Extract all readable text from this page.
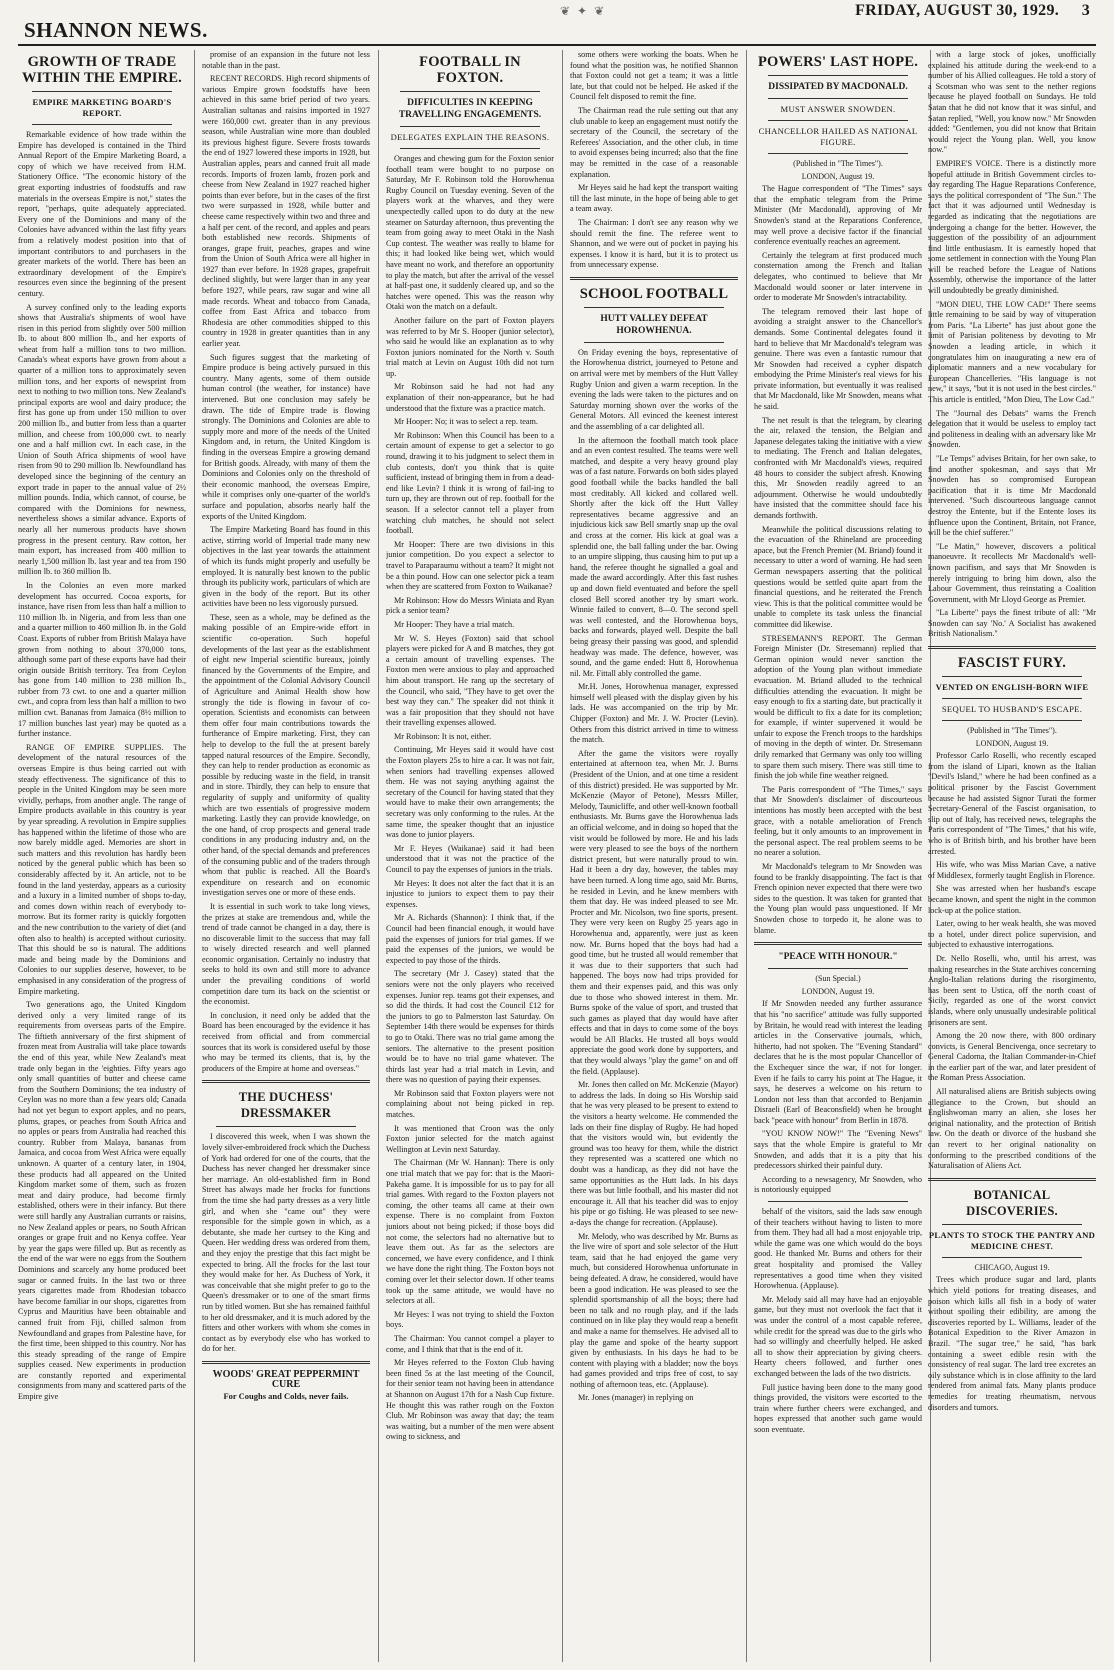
SHANNON NEWS.
❦ ✦ ❦	FRIDAY, AUGUST 30, 1929. 3
GROWTH OF TRADE WITHIN THE EMPIRE.
EMPIRE MARKETING BOARD'S REPORT.

Remarkable evidence of how trade within the Empire has developed is contained in the Third Annual Report of the Empire Marketing Board, a copy of which we have received from H.M. Stationery Office. "The economic history of the great exporting industries of foodstuffs and raw materials in the overseas Empire is not," states the report, "perhaps, quite adequately appreciated. Every one of the Dominions and many of the Colonies have advanced within the last fifty years from a relatively modest position into that of important contributors to and purchasers in the greater markets of the world. There has been an extraordinary development of the Empire's resources even since the beginning of the present century.

A survey confined only to the leading exports shows that Australia's shipments of wool have risen in this period from slightly over 500 million lb. to about 800 million lb., and her exports of wheat from half a million tons to two million. Canada's wheat exports have grown from about a quarter of a million tons to approximately seven million tons, and her exports of newsprint from next to nothing to two million tons. New Zealand's principal exports are wool and dairy produce; the first has gone up from under 150 million to over 200 million lb., and butter from less than a quarter million, and cheese from 100,000 cwt. to nearly one and a half million cwt. In each case, in the Union of South Africa shipments of wool have risen from 90 to 290 million lb. Newfoundland has developed since the beginning of the century an export trade in paper to the annual value of 2½ million pounds. India, which cannot, of course, be compared with the Dominions for newness, nevertheless shows a similar advance. Exports of nearly all her numerous products have shown progress in the present century. Raw cotton, her main export, has increased from 400 million to nearly 1,500 million lb. last year and tea from 190 million lb. to 360 million lb.

In the Colonies an even more marked development has occurred. Cocoa exports, for instance, have risen from less than half a million to 110 million lb. in Nigeria, and from less than one and a quarter million to 460 million lb. in the Gold Coast. Exports of rubber from British Malaya have grown from nothing to about 370,000 tons, although some part of these exports have had their origin outside British territory. Tea from Ceylon has gone from 140 million to 238 million lb., rubber from 73 cwt. to one and a quarter million cwt., and copra from less than half a million to two million cwt. Bananas from Jamaica (8½ million to 17 million bunches last year) may be quoted as a further instance.

RANGE OF EMPIRE SUPPLIES. The development of the natural resources of the overseas Empire is thus being carried out with steady effectiveness. The significance of this to people in the United Kingdom may be seen more vividly, perhaps, from another angle. The range of Empire products available in this country is year by year spreading. A revolution in Empire supplies has happened within the lifetime of those who are now barely middle aged. Memories are short in such matters and this revolution has hardly been noticed by the general public which has been so considerably affected by it. An article, not to be found in the land yesterday, appears as a curiosity and a luxury in a limited number of shops to-day, and comes down within reach of everybody to-morrow. But its former rarity is quickly forgotten and the new contribution to the variety of diet (and often also to health) is accepted without curiosity. That this should be so is natural. The additions made and being made by the Dominions and Colonies to our supplies deserve, however, to be emphasised in any consideration of the progress of Empire marketing.

Two generations ago, the United Kingdom derived only a very limited range of its requirements from overseas parts of the Empire. The fiftieth anniversary of the first shipment of frozen meat from Australia will take place towards the end of this year, while New Zealand's meat trade only began in the 'eighties. Fifty years ago only small quantities of butter and cheese came from the Southern Dominions; the tea industry of Ceylon was no more than a few years old; Canada had not yet begun to export apples, and no pears, plums, grapes, or peaches from South Africa and no apples or pears from Australia had reached this country. Rubber from Malaya, bananas from Jamaica, and cocoa from West Africa were equally unknown. A quarter of a century later, in 1904, these products had all appeared on the United Kingdom market some of them, such as frozen meat and dairy produce, had become firmly established, others were in their infancy. But there were still hardly any Australian currants or raisins, no New Zealand apples or pears, no South African oranges or grape fruit and no Kenya coffee. Year by year the gaps were filled up. But as recently as the end of the war were no eggs from the Southern Dominions and scarcely any home produced beet sugar or canned fruits. In the last two or three years cigarettes made from Rhodesian tobacco have become familiar in our shops, cigarettes from Cyprus and Mauritius have been obtainable and canned fruit from Fiji, chilled salmon from Newfoundland and grapes from Palestine have, for the first time, been shipped to this country. Nor has this steady spreading of the range of Empire supplies ceased. New experiments in production are constantly reported and experimental consignments from many and scattered parts of the Empire give

promise of an expansion in the future not less notable than in the past.

RECENT RECORDS. High record shipments of various Empire grown foodstuffs have been achieved in this same brief period of two years. Australian sultanas and raisins imported in 1927 were 160,000 cwt. greater than in any previous season, while Australian wine more than doubled its previous highest figure. Severe frosts towards the end of 1927 lowered these imports in 1928, but Australian apples, pears and canned fruit all made records. Imports of frozen lamb, frozen pork and cheese from New Zealand in 1927 reached higher points than ever before, but in the cases of the first two were surpassed in 1928, while butter and cheese came respectively within two and three and a half per cent. of the record, and apples and pears both established new records. Shipments of oranges, grape fruit, peaches, grapes and wine from the Union of South Africa were all higher in 1927 than ever before. In 1928 grapes, grapefruit declined slightly, but were larger than in any year before 1927, while pears, raw sugar and wine all made records. Wheat and tobacco from Canada, coffee from East Africa and tobacco from Rhodesia are other commodities shipped to this country in 1928 in greater quantities than in any earlier year.

Such figures suggest that the marketing of Empire produce is being actively pursued in this country. Many agents, some of them outside human control (the weather, for instance) have intervened. But one conclusion may safely be drawn. The tide of Empire trade is flowing strongly. The Dominions and Colonies are able to supply more and more of the needs of the United Kingdom and, in return, the United Kingdom is finding in the overseas Empire a growing demand for British goods. Already, with many of them the Dominions and Colonies only on the threshold of their economic manhood, the overseas Empire, while it comprises only one-quarter of the world's surface and population, absorbs nearly half the exports of the United Kingdom.

The Empire Marketing Board has found in this active, stirring world of Imperial trade many new objectives in the last year towards the attainment of which its funds might properly and usefully be employed. It is naturally best known to the public through its publicity work, particulars of which are given in the body of the report. But its other activities have been no less vigorously pursued.

These, seen as a whole, may be defined as the making possible of an Empire-wide effort in scientific co-operation. Such hopeful developments of the last year as the establishment of eight new Imperial scientific bureaux, jointly financed by the Governments of the Empire, and the appointment of the Colonial Advisory Council of Agriculture and Animal Health show how strongly the tide is flowing in favour of co-operation. Scientists and economists can between them offer four main contributions towards the furtherance of Empire marketing. First, they can help to develop to the full the at present barely tapped natural resources of the Empire. Secondly, they can help to render production as economic as possible by reducing waste in the field, in transit and in store. Thirdly, they can help to ensure that regularity of supply and uniformity of quality which are two essentials of progressive modern marketing. Lastly they can provide knowledge, on the one hand, of crop prospects and general trade conditions in any producing industry and, on the other hand, of the special demands and preferences of the consuming public and of the traders through whom that public is reached. All the Board's expenditure on research and on economic investigation serves one or more of these ends.

It is essential in such work to take long views, the prizes at stake are tremendous and, while the trend of trade cannot be changed in a day, there is no discoverable limit to the success that may fall to wisely directed research and well planned economic organisation. Certainly no industry that seeks to hold its own and still more to advance under the prevailing conditions of world competition dare turn its back on the scientist or the economist.

In conclusion, it need only be added that the Board has been encouraged by the evidence it has received from official and from commercial sources that its work is considered useful by those who may be termed its clients, that is, by the producers of the Empire at home and overseas."

THE DUCHESS' DRESSMAKER

I discovered this week, when I was shown the lovely silver-embroidered frock which the Duchess of York had ordered for one of the courts, that the Duchess has never changed her dressmaker since her marriage. An old-established firm in Bond Street has always made her frocks for functions from the time she had party dresses as a very little girl, and when she "came out" they were responsible for the simple gown in which, as a debutante, she made her curtsey to the King and Queen. Her wedding dress was ordered from them, and they enjoy the prestige that this fact might be expected to bring. All the frocks for the last tour they would make for her. As Duchess of York, it was conceivable that she might prefer to go to the Queen's dressmaker or to one of the smart firms run by titled women. But she has remained faithful to her old dressmaker, and it is much adored by the fitters and other workers with whom she comes in contact as by everybody else who has worked to do for her.

WOODS' GREAT PEPPERMINT CURE
For Coughs and Colds, never fails.
FOOTBALL IN FOXTON.
DIFFICULTIES IN KEEPING TRAVELLING ENGAGEMENTS.
DELEGATES EXPLAIN THE REASONS.

Oranges and chewing gum for the Foxton senior football team were bought to no purpose on Saturday, Mr F. Robinson told the Horowhenua Rugby Council on Tuesday evening. Seven of the players work at the wharves, and they were unexpectedly called upon to do duty at the new steamer on Saturday afternoon, thus preventing the team from going away to meet Otaki in the Nash Cup contest. The weather was really to blame for this; it had looked like being wet, which would have meant no work, and therefore an opportunity to play the match, but after the arrival of the vessel at half-past one, it suddenly cleared up, and so the hatches were opened. This was the reason why Otaki won the match on a default.

Another failure on the part of Foxton players was referred to by Mr S. Hooper (junior selector), who said he would like an explanation as to why Foxton juniors nominated for the North v. South trial match at Levin on August 10th did not turn up.

Mr Robinson said he had not had any explanation of their non-appearance, but he had understood that the fixture was a practice match.

Mr Hooper: No; it was to select a rep. team.

Mr Robinson: When this Council has been to a certain amount of expense to get a selector to go round, drawing it to his judgment to select them in club contests, don't you think that is quite sufficient, instead of bringing them in from a dead-end like Levin? I think it is wrong of fail-ing to turn up, they are thrown out of rep. football for the season. If a selector cannot tell a player from watching club matches, he should not select football.

Mr Hooper: There are two divisions in this junior competition. Do you expect a selector to travel to Paraparaumu without a team? It might not be a thin pound. How can one selector pick a team when they are scattered from Foxton to Waikanae?

Mr Robinson: How do Messrs Winiata and Ryan pick a senior team?

Mr Hooper: They have a trial match.

Mr W. S. Heyes (Foxton) said that school players were picked for A and B matches, they got a certain amount of travelling expenses. The Foxton men were anxious to play and approached him about transport. He rang up the secretary of the Council, who said, "They have to get over the best way they can." The speaker did not think it was a fair proposition that they should not have their travelling expenses allowed.

Mr Robinson: It is not, either.

Continuing, Mr Heyes said it would have cost the Foxton players 25s to hire a car. It was not fair, when seniors had travelling expenses allowed them. He was not saying anything against the secretary of the Council for having stated that they would have to make their own arrangements; the secretary was only conforming to the rules. At the same time, the speaker thought that an injustice was done to junior players.

Mr F. Heyes (Waikanae) said it had been understood that it was not the practice of the Council to pay the expenses of juniors in the trials.

Mr Heyes: It does not alter the fact that it is an injustice to juniors to expect them to pay their expenses.

Mr A. Richards (Shannon): I think that, if the Council had been financial enough, it would have paid the expenses of juniors for trial games. If we paid the expenses of the juniors, we would be expected to pay those of the thirds.

The secretary (Mr J. Casey) stated that the seniors were not the only players who received expenses. Junior rep. teams got their expenses, and so did the thirds. It had cost the Council £12 for the juniors to go to Palmerston last Saturday. On September 14th there would be expenses for thirds to go to Otaki. There was no trial game among the seniors. The alternative to the present position would be to have no trial game whatever. The thirds last year had a trial match in Levin, and there was no question of paying their expenses.

Mr Robinson said that Foxton players were not complaining about not being picked in rep. matches.

It was mentioned that Croon was the only Foxton junior selected for the match against Wellington at Levin next Saturday.

The Chairman (Mr W. Hannan): There is only one trial match that we pay for: that is the Maori-Pakeha game. It is impossible for us to pay for all trial games. With regard to the Foxton players not coming, the other teams all came at their own expense. There is no complaint from Foxton juniors about not being picked; if those boys did not come, the selectors had no alternative but to leave them out. As far as the selectors are concerned, we have every confidence, and I think we have done the right thing. The Foxton boys not coming over let their selector down. If other teams took up the same attitude, we would have no selectors at all.

Mr Heyes: I was not trying to shield the Foxton boys.

The Chairman: You cannot compel a player to come, and I think that that is the end of it.

Mr Heyes referred to the Foxton Club having been fined 5s at the last meeting of the Council, for their senior team not having been in attendance at Shannon on August 17th for a Nash Cup fixture. He thought this was rather rough on the Foxton Club. Mr Robinson was away that day; the team was waiting, but a number of the men were absent owing to sickness, and

some others were working the boats. When he found what the position was, he notified Shannon that Foxton could not get a team; it was a little late, but that could not be helped. He asked if the Council felt disposed to remit the fine.

The Chairman read the rule setting out that any club unable to keep an engagement must notify the secretary of the Council, the secretary of the Referees' Association, and the other club, in time to avoid expenses being incurred; also that the fine may be remitted in the case of a reasonable explanation.

Mr Heyes said he had kept the transport waiting till the last minute, in the hope of being able to get a team away.

The Chairman: I don't see any reason why we should remit the fine. The referee went to Shannon, and we were out of pocket in paying his expenses. I know it is hard, but it is to protect us from unnecessary expense.

SCHOOL FOOTBALL
HUTT VALLEY DEFEAT HOROWHENUA.

On Friday evening the boys, representative of the Horowhenua district, journeyed to Petone and on arrival were met by members of the Hutt Valley Rugby Union and given a warm reception. In the evening the lads were taken to the pictures and on Saturday morning shown over the works of the General Motors. All evinced the keenest interest and the assembling of a car delighted all.

In the afternoon the football match took place and an even contest resulted. The teams were well matched, and despite a very heavy ground play was of a fast nature. Forwards on both sides played good football while the backs handled the ball most creditably. All kicked and collared well. Shortly after the kick off the Hutt Valley representatives became aggressive and an injudicious kick saw Bell smartly snap up the oval and cross at the corner. His kick at goal was a splendid one, the ball falling under the bar. Owing to an umpire slipping, thus causing him to put up a hand, the referee thought he signalled a goal and made the award accordingly. After this fast rushes up and down field eventuated and before the spell closed Bell scored another try by smart work. Winnie failed to convert, 8—0. The second spell was well contested, and the Horowhenua boys, backs and forwards, played well. Despite the ball being greasy their passing was good, and splendid headway was made. The defence, however, was sound, and the game ended: Hutt 8, Horowhenua nil. Mr. Fittall ably controlled the game.

Mr.H. Jones, Horowhenua manager, expressed himself well pleased with the display given by his lads. He was accompanied on the trip by Mr. Chipper (Foxton) and Mr. J. W. Procter (Levin). Others from this district arrived in time to witness the match.

After the game the visitors were royally entertained at afternoon tea, when Mr. J. Burns (President of the Union, and at one time a resident of this district) presided. He was supported by Mr. McKenzie (Mayor of Petone), Messrs Miller, Melody, Taunicliffe, and other well-known football enthusiasts. Mr. Burns gave the Horowhenua lads an official welcome, and in doing so hoped that the visit would be followed by more. He and his lads were very pleased to see the boys of the northern district present, but were naturally proud to win. Had it been a dry day, however, the tables may have been turned. A long time ago, said Mr. Burns, he resided in Levin, and he knew members with them that day. He was indeed pleased to see Mr. Procter and Mr. Nicolson, two fine sports, present. They were very keen on Rugby 25 years ago in Horowhenua and, apparently, were just as keen now. Mr. Burns hoped that the boys had had a good time, but he trusted all would remember that it was due to their supporters that such had happened. The boys now had trips provided for them and their expenses paid, and this was only due to those who showed interest in them. Mr. Burns spoke of the value of sport, and trusted that such games as played that day would have after effects and that in days to come some of the boys would be All Blacks. He trusted all boys would appreciate the good work done by supporters, and that they would always "play the game" on and off the field. (Applause).

Mr. Jones then called on Mr. McKenzie (Mayor) to address the lads. In doing so His Worship said that he was very pleased to be present to extend to the visitors a hearty welcome. He commended the lads on their fine display of Rugby. He had hoped that the visitors would win, but evidently the ground was too heavy for them, while the district they represented was a scattered one which no doubt was a handicap, as they did not have the same opportunities as the Hutt lads. In his days there was but little football, and his master did not encourage it. All that his teacher did was to enjoy his pipe or go fishing. He was pleased to see new-a-days the change for recreation. (Applause).

Mr. Melody, who was described by Mr. Burns as the live wire of sport and sole selector of the Hutt team, said that he had enjoyed the game very much, but considered Horowhenua unfortunate in being defeated. A draw, he considered, would have been a good indication. He was pleased to see the splendid sportsmanship of all the boys; there had been no talk and no rough play, and if the lads continued on in like play they would reap a benefit and make a name for themselves. He advised all to play the game and spoke of the hearty support given by enthusiasts. In his days he had to be content with playing with a bladder; now the boys had games provided and trips free of cost, to say nothing of afternoon teas, etc. (Applause).

Mr. Jones (manager) in replying on

POWERS' LAST HOPE.
DISSIPATED BY MACDONALD.
MUST ANSWER SNOWDEN.
CHANCELLOR HAILED AS NATIONAL FIGURE.
(Published in "The Times").
LONDON, August 19.

The Hague correspondent of "The Times" says that the emphatic telegram from the Prime Minister (Mr Macdonald), approving of Mr Snowden's stand at the Reparations Conference, may well prove a decisive factor if the financial conference eventually reaches an agreement.

Certainly the telegram at first produced much consternation among the French and Italian delegates, who continued to believe that Mr Macdonald would sooner or later intervene in order to moderate Mr Snowden's intractability.

The telegram removed their last hope of avoiding a straight answer to the Chancellor's demands. Some Continental delegates found it hard to believe that Mr Macdonald's telegram was genuine. There was even a fantastic rumour that Mr Snowden had received a cypher dispatch embodying the Prime Minister's real views for his private information, but eventually it was realised that Mr Macdonald, like Mr Snowden, means what he said.

The net result is that the telegram, by clearing the air, relaxed the tension, the Belgian and Japanese delegates taking the initiative with a view to mediating. The French and Italian delegates, confronted with Mr Macdonald's views, required 48 hours to consider the subject afresh. Knowing this, Mr Snowden readily agreed to an adjournment. Otherwise he would undoubtedly have insisted that the committee should face his demands forthwith.

Meanwhile the political discussions relating to the evacuation of the Rhineland are proceeding apace, but the French Premier (M. Briand) found it necessary to utter a word of warning. He had seen German newspapers asserting that the political questions would be settled quite apart from the financial questions, and he reiterated the French view. This is that the political committee would be unable to complete its task unless the financial committee did likewise.

STRESEMANN'S REPORT. The German Foreign Minister (Dr. Stresemann) replied that German opinion would never sanction the adoption of the Young plan without immediate evacuation. M. Briand alluded to the technical difficulties attending the evacuation. It might be easy enough to fix a starting date, but practically it would be difficult to fix a date for its completion; for example, if winter supervened it would be unfair to expose the French troops to the hardships of moving in the depth of winter. Dr. Stresemann drily remarked that Germany was only too willing to spare them such misery. There was still time to finish the job while fine weather reigned.

The Paris correspondent of "The Times," says that Mr Snowden's disclaimer of discourteous intentions has mostly been accepted with the best grace, with a notable amelioration of French feeling, but it only amounts to an improvement in the personal aspect. The real problem seems to be no nearer a solution.

Mr Macdonald's telegram to Mr Snowden was found to be frankly disappointing. The fact is that French opinion never expected that there were two sides to the question. It was taken for granted that the Young plan would pass unquestioned. If Mr Snowden chose to torpedo it, he alone was to blame.

"PEACE WITH HONOUR."
(Sun Special.)
LONDON, August 19.

If Mr Snowden needed any further assurance that his "no sacrifice" attitude was fully supported by Britain, he would read with interest the leading articles in the Conservative journals, which, hitherto, had not spoken. The "Evening Standard" declares that he is the most popular Chancellor of the Exchequer since the war, if not for longer. Even if he fails to carry his point at The Hague, it says, he deserves a welcome on his return to London not less than that accorded to Benjamin Disraeli (Earl of Beaconsfield) when he brought back "peace with honour" from Berlin in 1878.

"YOU KNOW NOW!" The "Evening News" says that the whole Empire is grateful to Mr Snowden, and adds that it is a pity that his predecessors shirked their painful duty.

According to a newsagency, Mr Snowden, who is notoriously equipped

behalf of the visitors, said the lads saw enough of their teachers without having to listen to more from them. They had all had a most enjoyable trip, while the game was one which would do the boys good. He thanked Mr. Burns and others for their great hospitality and promised the Valley representatives a good time when they visited Horowhenua. (Applause).

Mr. Melody said all may have had an enjoyable game, but they must not overlook the fact that it was under the control of a most capable referee, while credit for the spread was due to the girls who had so willingly and cheerfully helped. He asked all to show their appreciation by giving cheers. Hearty cheers followed, and further ones exchanged between the lads of the two districts.

Full justice having been done to the many good things provided, the visitors were escorted to the train where further cheers were exchanged, and hopes expressed that another such game would soon eventuate.

with a large stock of jokes, unofficially explained his attitude during the week-end to a number of his Allied colleagues. He told a story of a Scotsman who was sent to the nether regions because he played football on Sundays. He told Satan that he did not know that it was sinful, and Satan replied, "Well, you know now." Mr Snowden added: "Gentlemen, you did not know that Britain would reject the Young plan. Well, you know now."

EMPIRE'S VOICE. There is a distinctly more hopeful attitude in British Government circles to-day regarding The Hague Reparations Conference, says the political correspondent of "The Sun." The fact that it was adjourned until Wednesday is regarded as indicating that the negotiations are undergoing a change for the better. However, the suggestion of the possibility of an adjournment find little enthusiasm. It is earnestly hoped that some settlement in connection with the Young Plan will be reached before the League of Nations Assembly, otherwise the importance of the latter will undoubtedly be greatly diminished.

"MON DIEU, THE LOW CAD!" There seems little remaining to be said by way of vituperation from Paris. "La Liberte" has just about gone the limit of Parisian politeness by devoting to Mr Snowden a leading article, in which it congratulates him on inaugurating a new era of diplomatic manners and a new vocabulary for European Chancelleries. "His language is not new," it says, "but it is not used in the best circles." This article is entitled, "Mon Dieu, The Low Cad."

The "Journal des Debats" warns the French delegation that it would be useless to employ tact and politeness in dealing with an adversary like Mr Snowden.

"Le Temps" advises Britain, for her own sake, to find another spokesman, and says that Mr Snowden has so compromised European pacification that it is time Mr Macdonald intervened. "Such discourteous language cannot destroy the Entente, but if the Entente loses its influence upon the Continent, Britain, not France, will be the chief sufferer."

"Le Matin," however, discovers a political manoeuvre. It recollects Mr Macdonald's well-known pacifism, and says that Mr Snowden is merely intriguing to bring him down, also the Labour Government, thus reinstating a Coalition Government, with Mr Lloyd George as Premier.

"La Liberte" pays the finest tribute of all: "Mr Snowden can say 'No.' A Socialist has awakened British Nationalism."

FASCIST FURY.
VENTED ON ENGLISH-BORN WIFE
SEQUEL TO HUSBAND'S ESCAPE.
(Published in "The Times").
LONDON, August 19.

Professor Carlo Roselli, who recently escaped from the island of Lipari, known as the Italian "Devil's Island," where he had been confined as a political prisoner by the Fascist Government because he had assisted Signor Turati the former Secretary-General of the Fascist organisation, to slip out of Italy, has received news, telegraphs the Paris correspondent of "The Times," that his wife, who is of British birth, and his brother have been arrested.

His wife, who was Miss Marian Cave, a native of Middlesex, formerly taught English in Florence.

She was arrested when her husband's escape became known, and spent the night in the common lock-up at the police station.

Later, owing to her weak health, she was moved to a hotel, under direct police supervision, and subjected to exhaustive interrogations.

Dr. Nello Roselli, who, until his arrest, was making researches in the State archives concerning Anglo-Italian relations during the risorgimento, has been sent to Ustica, off the north coast of Sicily, regarded as one of the worst convict islands, where only unusually undesirable political prisoners are sent.

Among the 20 now there, with 800 ordinary convicts, is General Bencivenga, once secretary to General Cadorna, the Italian Commander-in-Chief in the earlier part of the war, and later president of the Roman Press Association.

All naturalised aliens are British subjects owing allegiance to the Crown, but should an Englishwoman marry an alien, she loses her original nationality, and the protection of British law. On the death or divorce of the husband she can revert to her original nationality on conforming to the prescribed conditions of the Naturalisation of Aliens Act.

BOTANICAL DISCOVERIES.
PLANTS TO STOCK THE PANTRY AND MEDICINE CHEST.
CHICAGO, August 19.

Trees which produce sugar and lard, plants which yield potions for treating diseases, and poison which kills all fish in a body of water without spoiling their edibility, are among the discoveries reported by L. Williams, leader of the Botanical Expedition to the River Amazon in Brazil. "The sugar tree," he said, "has bark containing a sweet edible resin with the consistency of real sugar. The lard tree excretes an oily substance which is in close affinity to the lard rendered from animal fats. Many plants produce remedies for treating rheumatism, nervous disorders and tumors.
